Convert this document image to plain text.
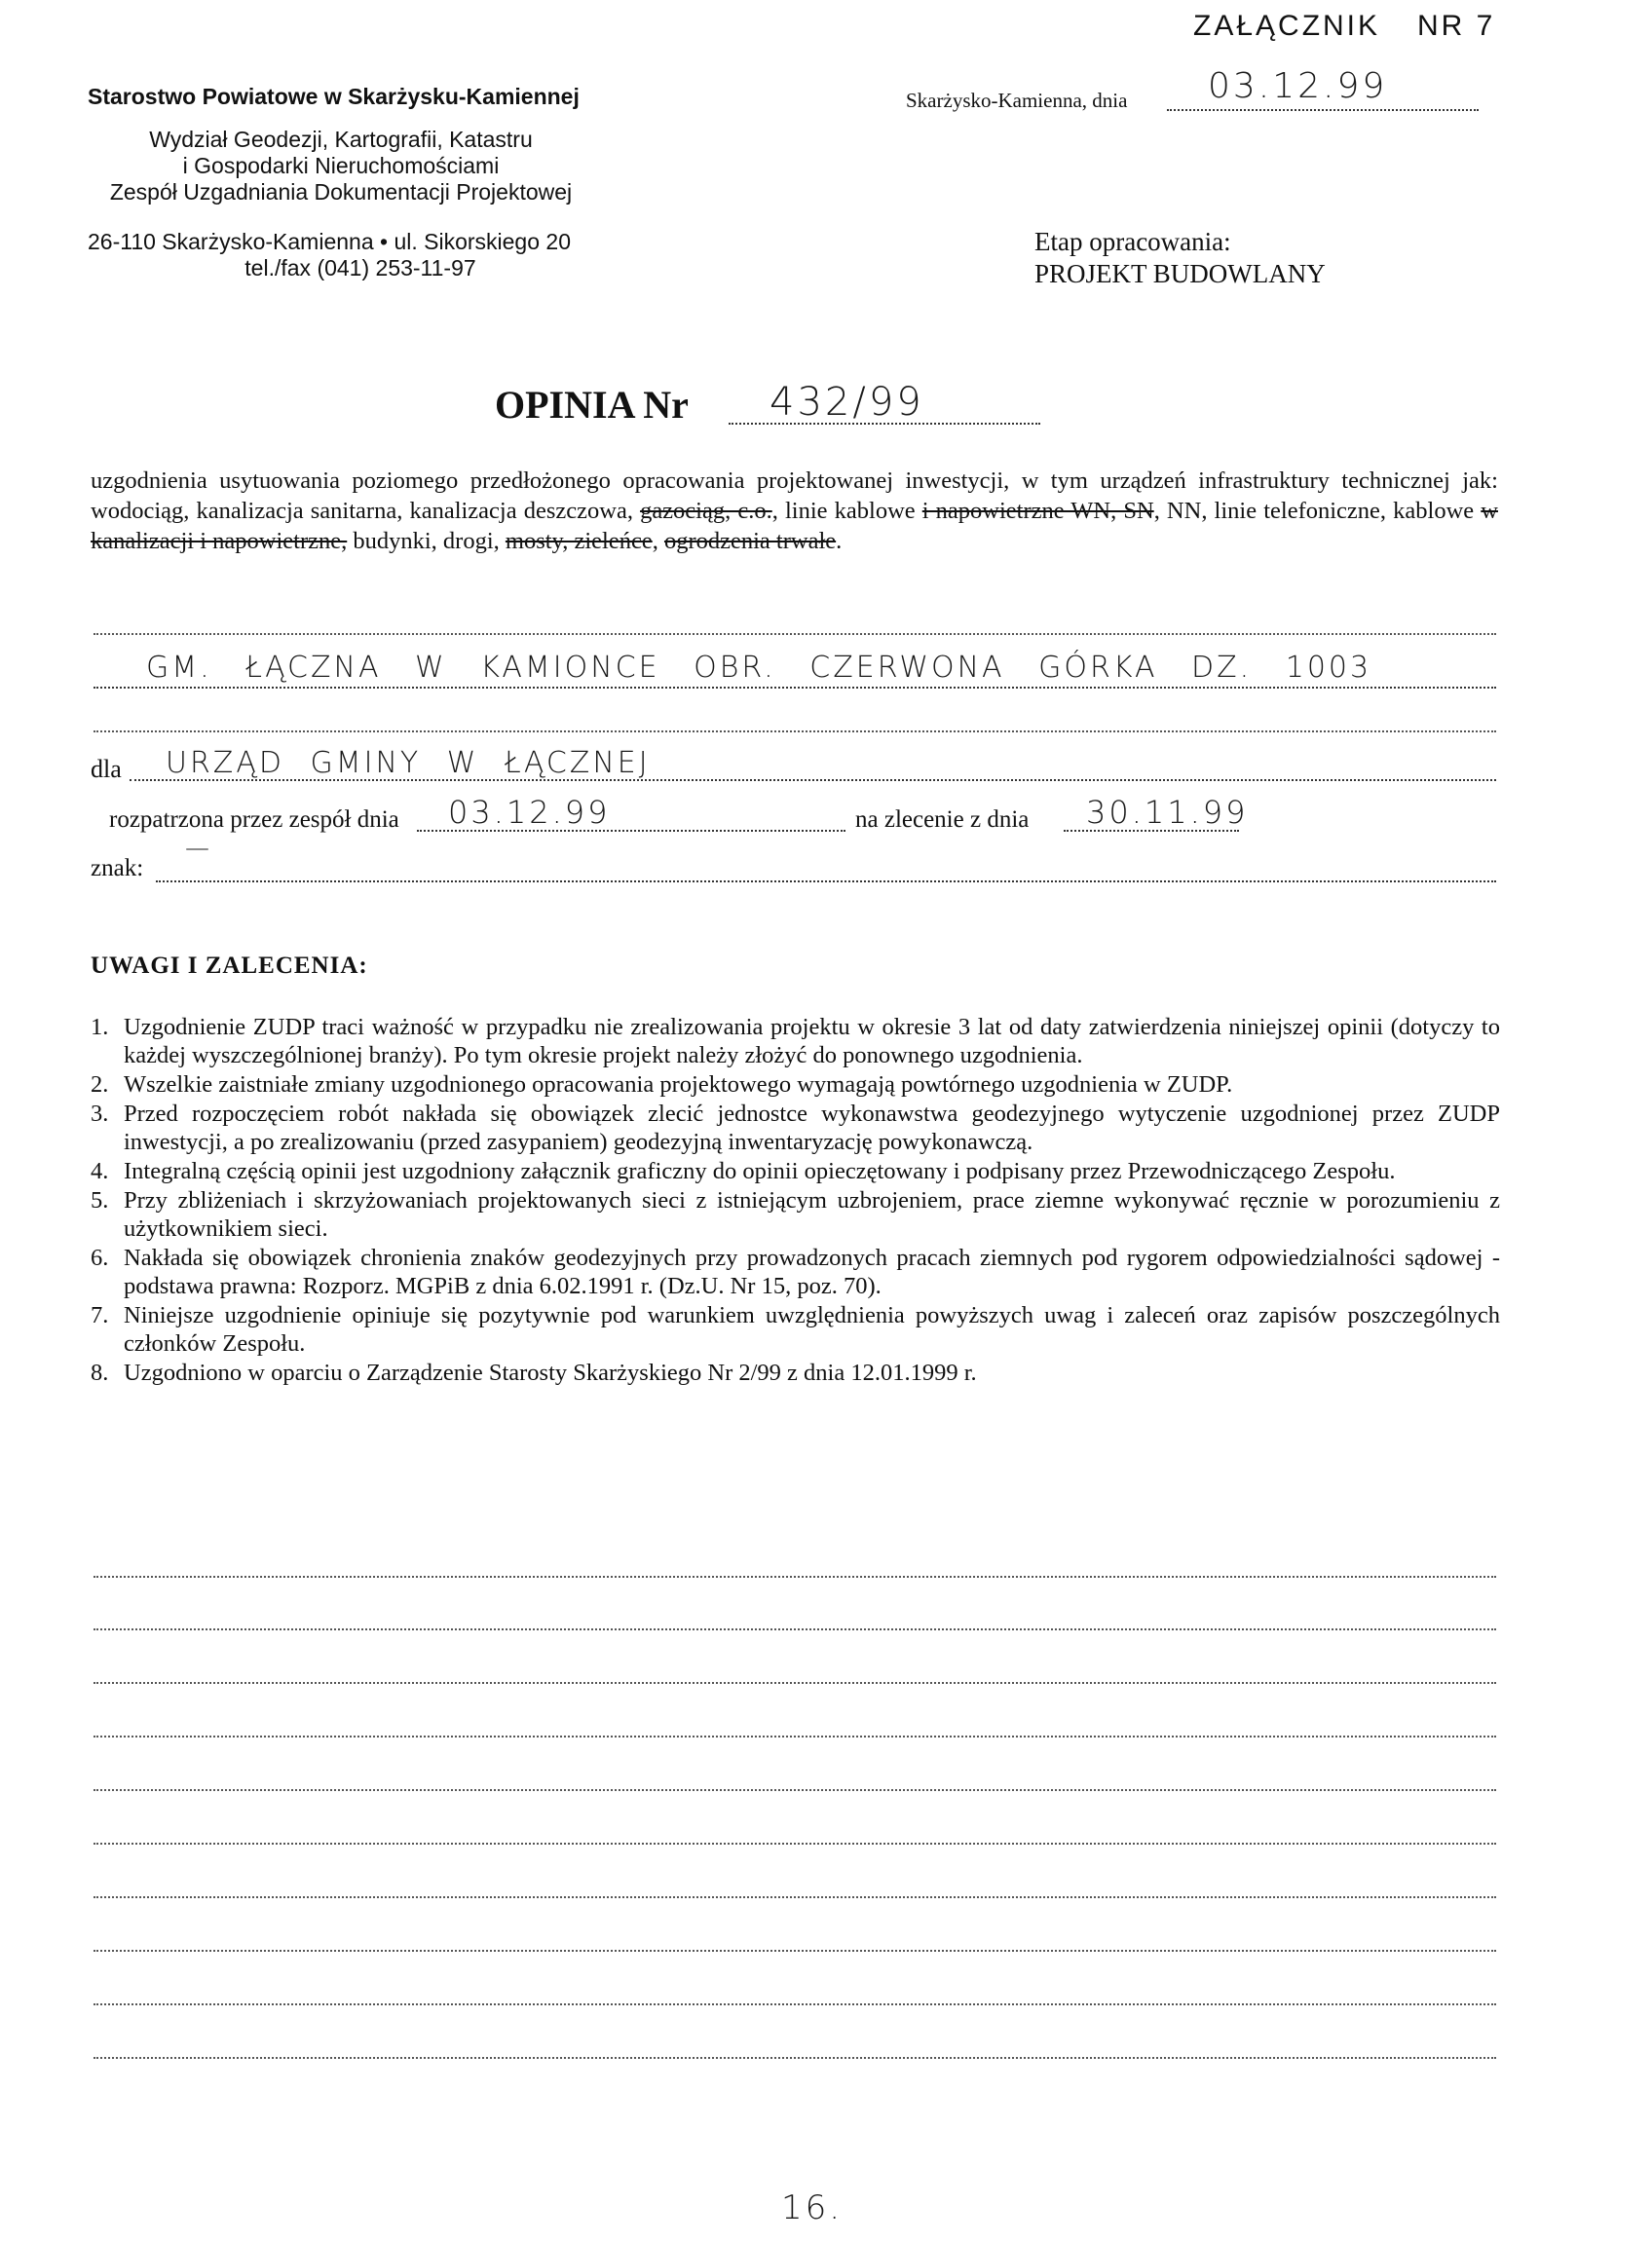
ZAŁĄCZNIK NR 7
Starostwo Powiatowe w Skarżysku-Kamiennej
Wydział Geodezji, Kartografii, Katastru
i Gospodarki Nieruchomościami
Zespół Uzgadniania Dokumentacji Projektowej
26-110 Skarżysko-Kamienna • ul. Sikorskiego 20
tel./fax (041) 253-11-97
Skarżysko-Kamienna, dnia 03.12.99
Etap opracowania:
PROJEKT BUDOWLANY
OPINIA Nr 432/99
uzgodnienia usytuowania poziomego przedłożonego opracowania projektowanej inwestycji, w tym urządzeń infrastruktury technicznej jak: wodociąg, kanalizacja sanitarna, kanalizacja deszczowa, gazociąg, c.o., linie kablowe i napowietrzne WN, SN, NN, linie telefoniczne, kablowe w kanalizacji i napowietrzne, budynki, drogi, mosty, zieleńce, ogrodzenia trwałe.
GM. ŁĄCZNA W KAMIONCE OBR. CZERWONA GÓRKA DZ. 1003
dla URZĄD GMINY W ŁĄCZNEJ
rozpatrzona przez zespół dnia 03.12.99	na zlecenie z dnia 30.11.99
znak:
—
UWAGI I ZALECENIA:
1. Uzgodnienie ZUDP traci ważność w przypadku nie zrealizowania projektu w okresie 3 lat od daty zatwierdzenia niniejszej opinii (dotyczy to każdej wyszczególnionej branży). Po tym okresie projekt należy złożyć do ponownego uzgodnienia.
2. Wszelkie zaistniałe zmiany uzgodnionego opracowania projektowego wymagają powtórnego uzgodnienia w ZUDP.
3. Przed rozpoczęciem robót nakłada się obowiązek zlecić jednostce wykonawstwa geodezyjnego wytyczenie uzgodnionej przez ZUDP inwestycji, a po zrealizowaniu (przed zasypaniem) geodezyjną inwentaryzację powykonawczą.
4. Integralną częścią opinii jest uzgodniony załącznik graficzny do opinii opieczętowany i podpisany przez Przewodniczącego Zespołu.
5. Przy zbliżeniach i skrzyżowaniach projektowanych sieci z istniejącym uzbrojeniem, prace ziemne wykonywać ręcznie w porozumieniu z użytkownikiem sieci.
6. Nakłada się obowiązek chronienia znaków geodezyjnych przy prowadzonych pracach ziemnych pod rygorem odpowiedzialności sądowej - podstawa prawna: Rozporz. MGPiB z dnia 6.02.1991 r. (Dz.U. Nr 15, poz. 70).
7. Niniejsze uzgodnienie opiniuje się pozytywnie pod warunkiem uwzględnienia powyższych uwag i zaleceń oraz zapisów poszczególnych członków Zespołu.
8. Uzgodniono w oparciu o Zarządzenie Starosty Skarżyskiego Nr 2/99 z dnia 12.01.1999 r.
16.
